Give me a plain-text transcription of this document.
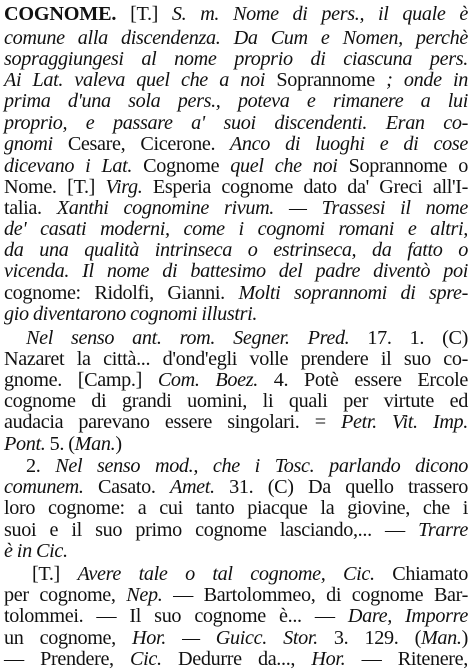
COGNOME. [T.] S. m. Nome di pers., il quale è
comune alla discendenza. Da Cum e Nomen, perchè
sopraggiungesi al nome proprio di ciascuna pers.
Ai Lat. valeva quel che a noi Soprannome ; onde in
prima d'una sola pers., poteva e rimanere a lui
proprio, e passare a' suoi discendenti. Eran co-
gnomi Cesare, Cicerone. Anco di luoghi e di cose
dicevano i Lat. Cognome quel che noi Soprannome o
Nome. [T.] Virg. Esperia cognome dato da' Greci all'I-
talia. Xanthi cognomine rivum. — Trassesi il nome
de' casati moderni, come i cognomi romani e altri,
da una qualità intrinseca o estrinseca, da fatto o
vicenda. Il nome di battesimo del padre diventò poi
cognome: Ridolfi, Gianni. Molti soprannomi di spre-
gio diventarono cognomi illustri.
Nel senso ant. rom. Segner. Pred. 17. 1. (C)
Nazaret la città... d'ond'egli volle prendere il suo co-
gnome. [Camp.] Com. Boez. 4. Potè essere Ercole
cognome di grandi uomini, li quali per virtute ed
audacia parevano essere singolari. = Petr. Vit. Imp.
Pont. 5. (Man.)
2. Nel senso mod., che i Tosc. parlando dicono
comunem. Casato. Amet. 31. (C) Da quello trassero
loro cognome: a cui tanto piacque la giovine, che i
suoi e il suo primo cognome lasciando,... — Trarre
è in Cic.
[T.] Avere tale o tal cognome, Cic. Chiamato
per cognome, Nep. — Bartolommeo, di cognome Bar-
tolommei. — Il suo cognome è... — Dare, Imporre
un cognome, Hor. — Guicc. Stor. 3. 129. (Man.)
— Prendere, Cic. Dedurre da..., Hor. — Ritenere,
